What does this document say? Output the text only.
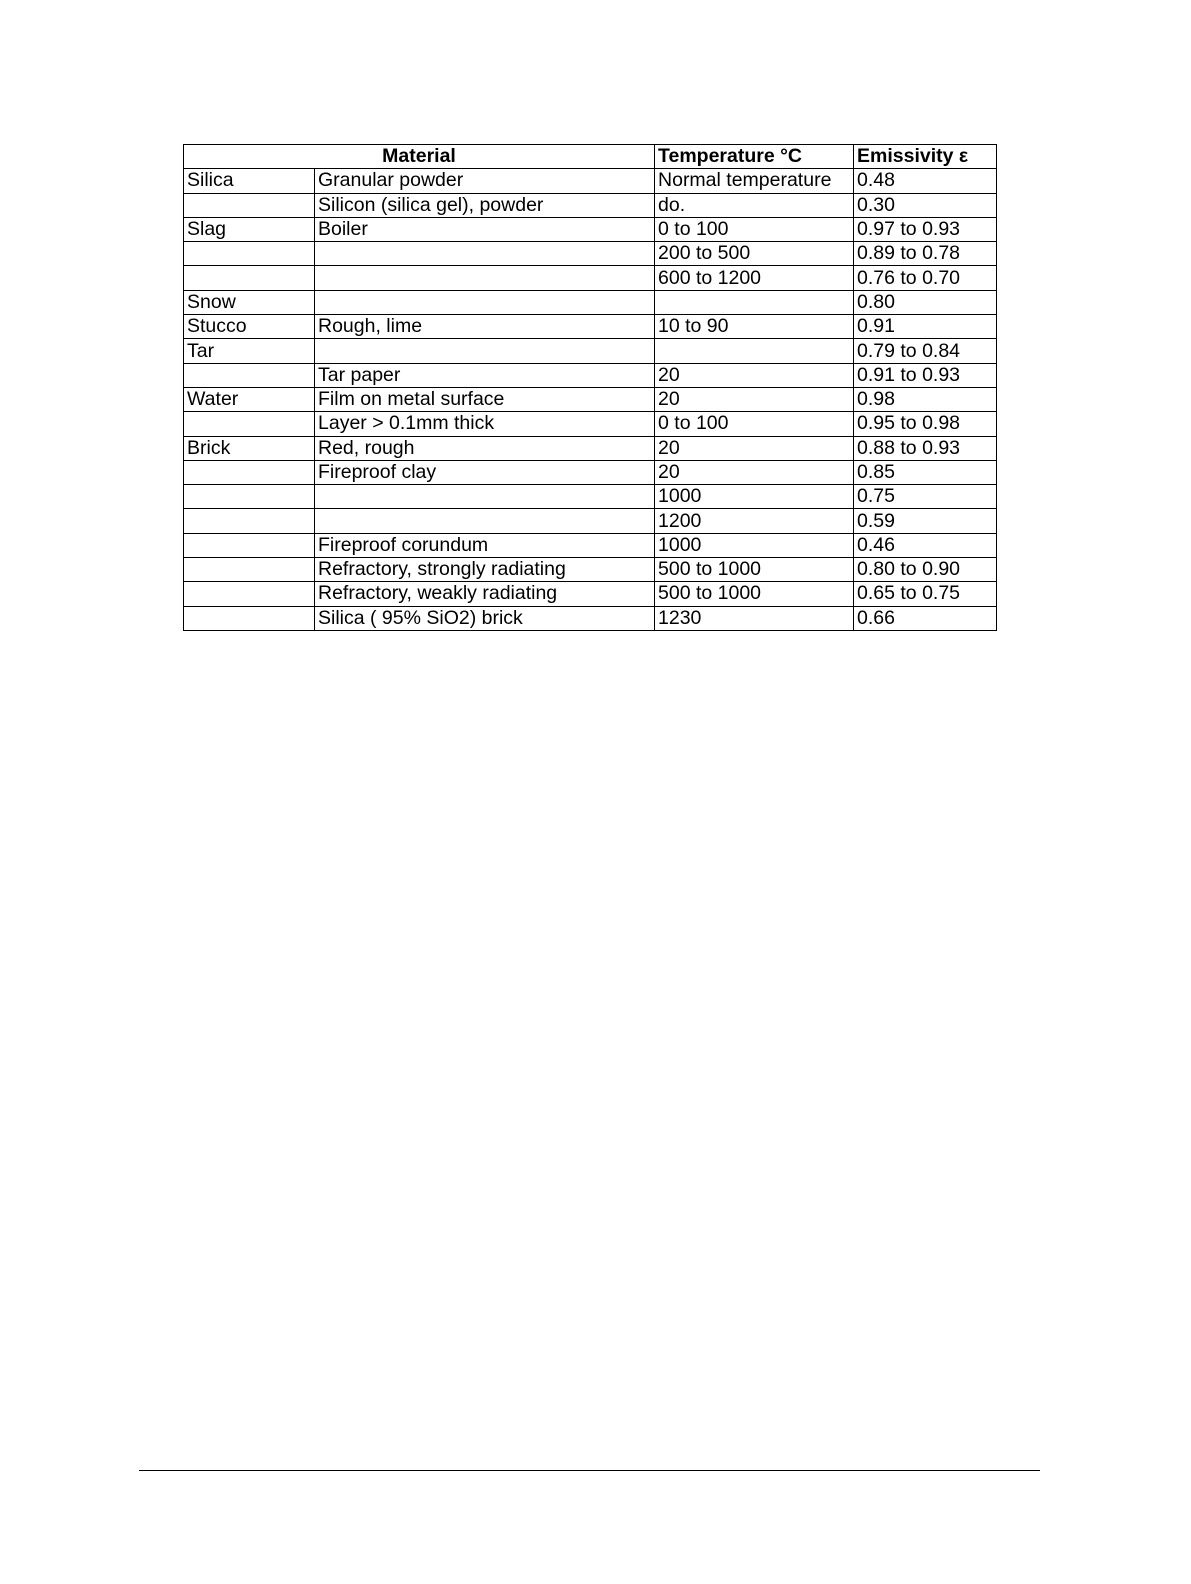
Material		Temperature °C	Emissivity ε
Silica	Granular powder	Normal temperature	0.48
	Silicon (silica gel), powder	do.	0.30
Slag	Boiler	0 to 100	0.97 to 0.93
		200 to 500	0.89 to 0.78
		600 to 1200	0.76 to 0.70
Snow			0.80
Stucco	Rough, lime	10 to 90	0.91
Tar			0.79 to 0.84
	Tar paper	20	0.91 to 0.93
Water	Film on metal surface	20	0.98
	Layer > 0.1mm thick	0 to 100	0.95 to 0.98
Brick	Red, rough	20	0.88 to 0.93
	Fireproof clay	20	0.85
		1000	0.75
		1200	0.59
	Fireproof corundum	1000	0.46
	Refractory, strongly radiating	500 to 1000	0.80 to 0.90
	Refractory, weakly radiating	500 to 1000	0.65 to 0.75
	Silica ( 95% SiO2) brick	1230	0.66
